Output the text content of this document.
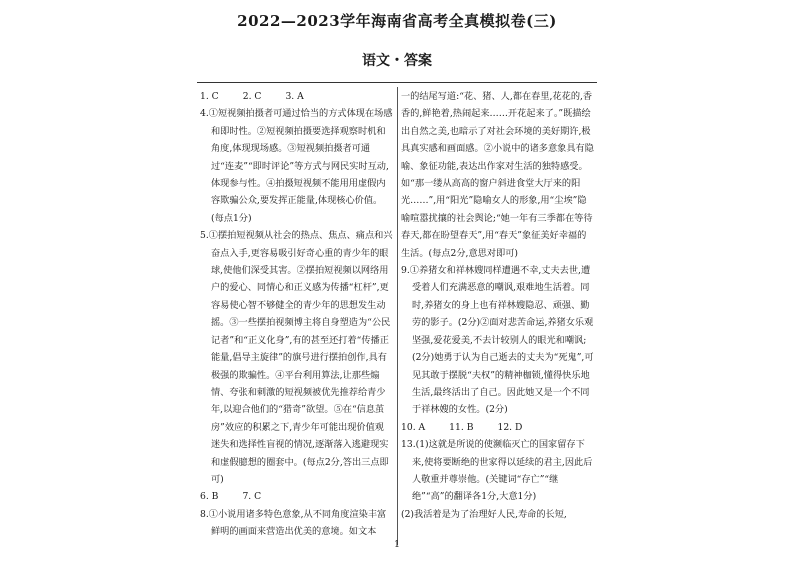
2022—2023学年海南省高考全真模拟卷(三)
语文・答案
1. C	2. C	3. A

4.①短视频拍摄者可通过恰当的方式体现在场感和即时性。②短视频拍摄要选择观察时机和角度,体现现场感。③短视频拍摄者可通过“连麦”“即时评论”等方式与网民实时互动,体现参与性。④拍摄短视频不能用用虚假内容欺骗公众,要发挥正能量,体现核心价值。(每点1分)

5.①摆拍短视频从社会的热点、焦点、痛点和兴奋点入手,更容易吸引好奇心重的青少年的眼球,使他们深受其害。②摆拍短视频以网络用户的爱心、同情心和正义感为传播“杠杆”,更容易使心智不够健全的青少年的思想发生动摇。③一些摆拍视频博主将自身塑造为“公民记者”和“正义化身”,有的甚至还打着“传播正能量,倡导主旋律”的旗号进行摆拍创作,具有极强的欺骗性。④平台利用算法,让那些煽情、夸张和刺激的短视频被优先推荐给青少年,以迎合他们的“猎奇”欲望。⑤在“信息茧房”效应的积累之下,青少年可能出现价值观迷失和选择性盲视的情况,逐渐落入逃避现实和虚假臆想的圈套中。(每点2分,答出三点即可)

6. B	7. C

8.①小说用诸多特色意象,从不同角度渲染丰富鲜明的画面来营造出优美的意境。如文本

一的结尾写道:“花、猪、人,都在春里,花花的,香香的,鲜艳着,热闹起来……开花起来了。”既描绘出自然之美,也暗示了对社会环境的美好期许,极具真实感和画面感。②小说中的诸多意象具有隐喻、象征功能,表达出作家对生活的独特感受。如“那一缕从高高的窗户斜进食堂大厅来的阳光……”,用“阳光”隐喻女人的形象,用“尘埃”隐喻喧嚣扰攘的社会舆论;“她一年有三季都在等待春天,都在盼望春天”,用“春天”象征美好幸福的生活。(每点2分,意思对即可)

9.①养猪女和祥林嫂同样遭遇不幸,丈夫去世,遭受着人们充满恶意的嘲讽,艰难地生活着。同时,养猪女的身上也有祥林嫂隐忍、顽强、勤劳的影子。(2分)②面对悲苦命运,养猪女乐观坚强,爱花爱美,不去计较别人的眼光和嘲讽;(2分)她勇于认为自己逝去的丈夫为“死鬼”,可见其敢于摆脱“夫权”的精神枷锁,懂得快乐地生活,最终活出了自己。因此她又是一个不同于祥林嫂的女性。(2分)

10. A	11. B	12. D

13.(1)这就是所说的使濒临灭亡的国家留存下来,使将要断绝的世家得以延续的君主,因此后人敬重并尊崇他。(关键词“存亡”“继绝”“高”的翻译各1分,大意1分)

(2)我活着是为了治理好人民,寿命的长短,

1
